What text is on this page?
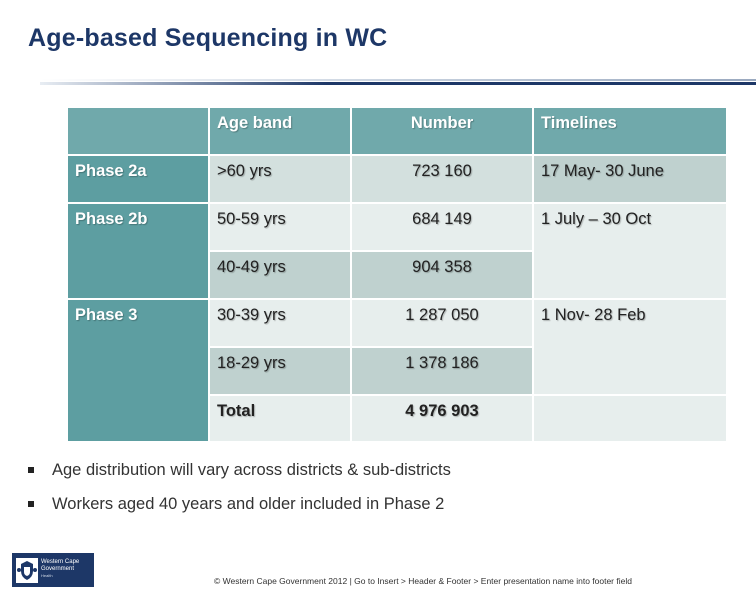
Age-based Sequencing in WC

	Age band	Number	Timelines

Phase 2a	>60 yrs	723 160	17 May- 30 June

Phase 2b	50-59 yrs	684 149	1 July – 30 Oct

	40-49 yrs	904 358	

Phase 3	30-39 yrs	1 287 050	1 Nov- 28 Feb

	18-29 yrs	1 378 186	

	Total	4 976 903	

Age distribution will vary across districts & sub-districts
Workers aged 40 years and older included in Phase 2
Western Cape
Government
Health
© Western Cape Government 2012 | Go to Insert > Header & Footer > Enter presentation name into footer field
